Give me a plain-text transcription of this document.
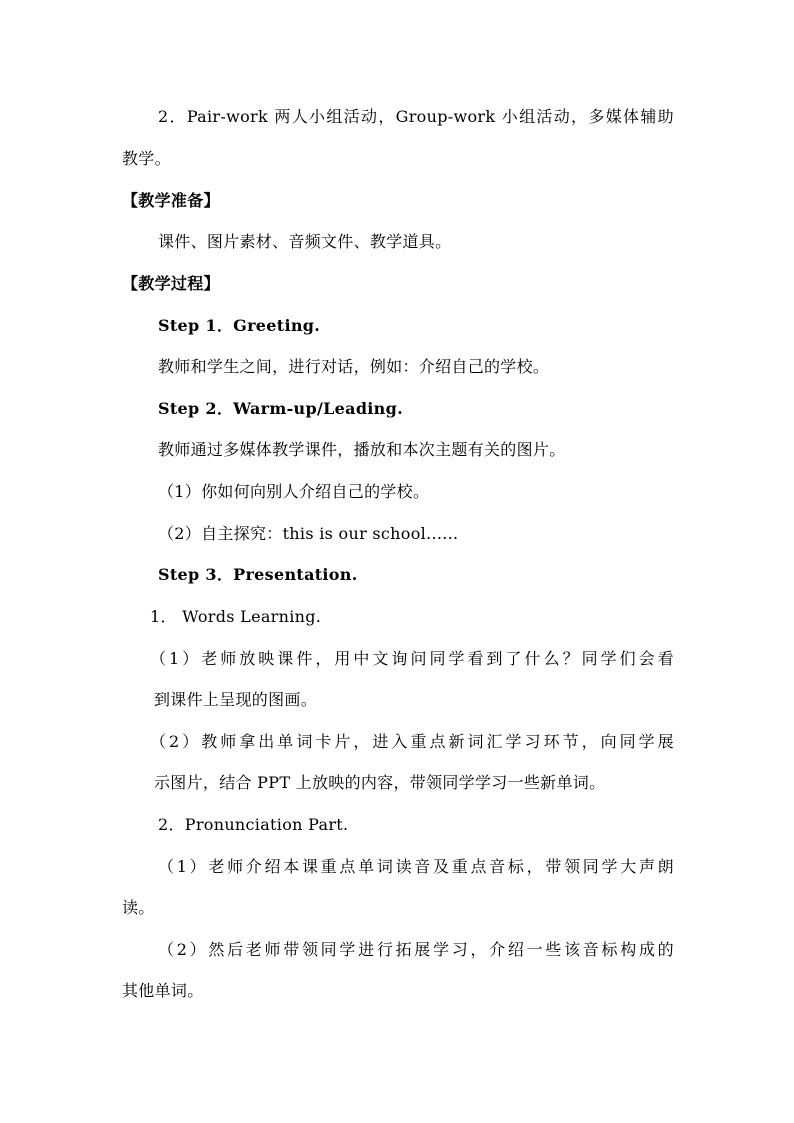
2．Pair-work 两人小组活动，Group-work 小组活动，多媒体辅助
教学。
【教学准备】
课件、图片素材、音频文件、教学道具。
【教学过程】
Step 1．Greeting.
教师和学生之间，进行对话，例如：介绍自己的学校。
Step 2．Warm-up/Leading.
教师通过多媒体教学课件，播放和本次主题有关的图片。
（1）你如何向别人介绍自己的学校。
（2）自主探究：this is our school......
Step 3．Presentation.
1． Words Learning.
（1）老师放映课件，用中文询问同学看到了什么？同学们会看
到课件上呈现的图画。
（2）教师拿出单词卡片，进入重点新词汇学习环节，向同学展
示图片，结合 PPT 上放映的内容，带领同学学习一些新单词。
2．Pronunciation Part.
（1）老师介绍本课重点单词读音及重点音标，带领同学大声朗
读。
（2）然后老师带领同学进行拓展学习，介绍一些该音标构成的
其他单词。
